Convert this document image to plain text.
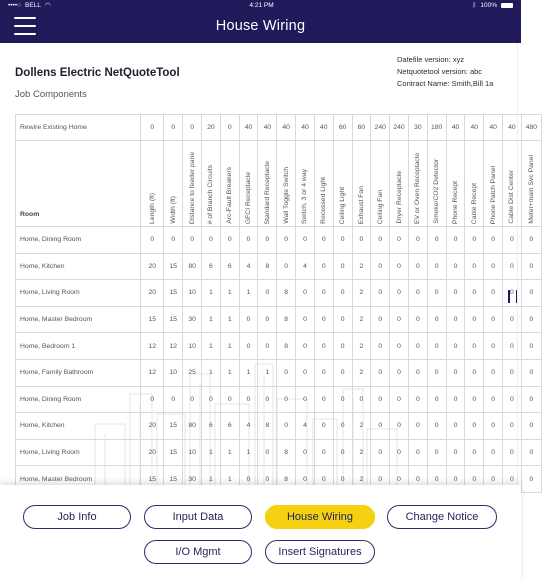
••••○ BELL ◠	4:21 PM	ᛒ 100%
House Wiring
Dollens Electric NetQuoteTool
Job Components
Datefile version: xyz
Netquotetool version: abc
Contract Name: Smith,Bill 1a
Rewire Existing Home	0	0	0	20	0	40	40	40	40	40	60	60	240	240	30	180	40	40	40	40	480
Room	Length (ft)	Width (ft)	Distance to feeder pane	# of Branch Circuits	Arc-Fault Breakers	GFCI Receptacle	Standard Receptacle	Wall Toggle Switch	Switch, 3 or 4 way	Recessed Light	Ceiling Light	Exhaust Fan	Ceiling Fan	Dryer Receptacle	EV or Oven Receptacle	Smoke/CO2 Detector	Phone Recept	Cable Recept	Phone Patch Panel	Cable Dist Center	Meter+main Svc Panel
Home, Dining Room	0	0	0	0	0	0	0	0	0	0	0	0	0	0	0	0	0	0	0	0	0
Home, Kitchen	20	15	80	6	6	4	8	0	4	0	0	2	0	0	0	0	0	0	0	0	0
Home, Living Room	20	15	10	1	1	1	0	8	0	0	0	2	0	0	0	0	0	0	0	0	0
Home, Master Bedroom	15	15	30	1	1	0	0	8	0	0	0	2	0	0	0	0	0	0	0	0	0
Home, Bedroom 1	12	12	10	1	1	0	0	8	0	0	0	2	0	0	0	0	0	0	0	0	0
Home, Family Bathroom	12	10	25	1	1	1	1	0	0	0	0	2	0	0	0	0	0	0	0	0	0
Home, Dining Room	0	0	0	0	0	0	0	0	0	0	0	0	0	0	0	0	0	0	0	0	0
Home, Kitchen	20	15	80	6	6	4	8	0	4	0	0	2	0	0	0	0	0	0	0	0	0
Home, Living Room	20	15	10	1	1	1	0	8	0	0	0	2	0	0	0	0	0	0	0	0	0
Home, Master Bedroom	15	15	30	1	1	0	0	8	0	0	0	2	0	0	0	0	0	0	0	0	0
Job Info	Input Data	House Wiring	Change Notice
I/O Mgmt	Insert Signatures
